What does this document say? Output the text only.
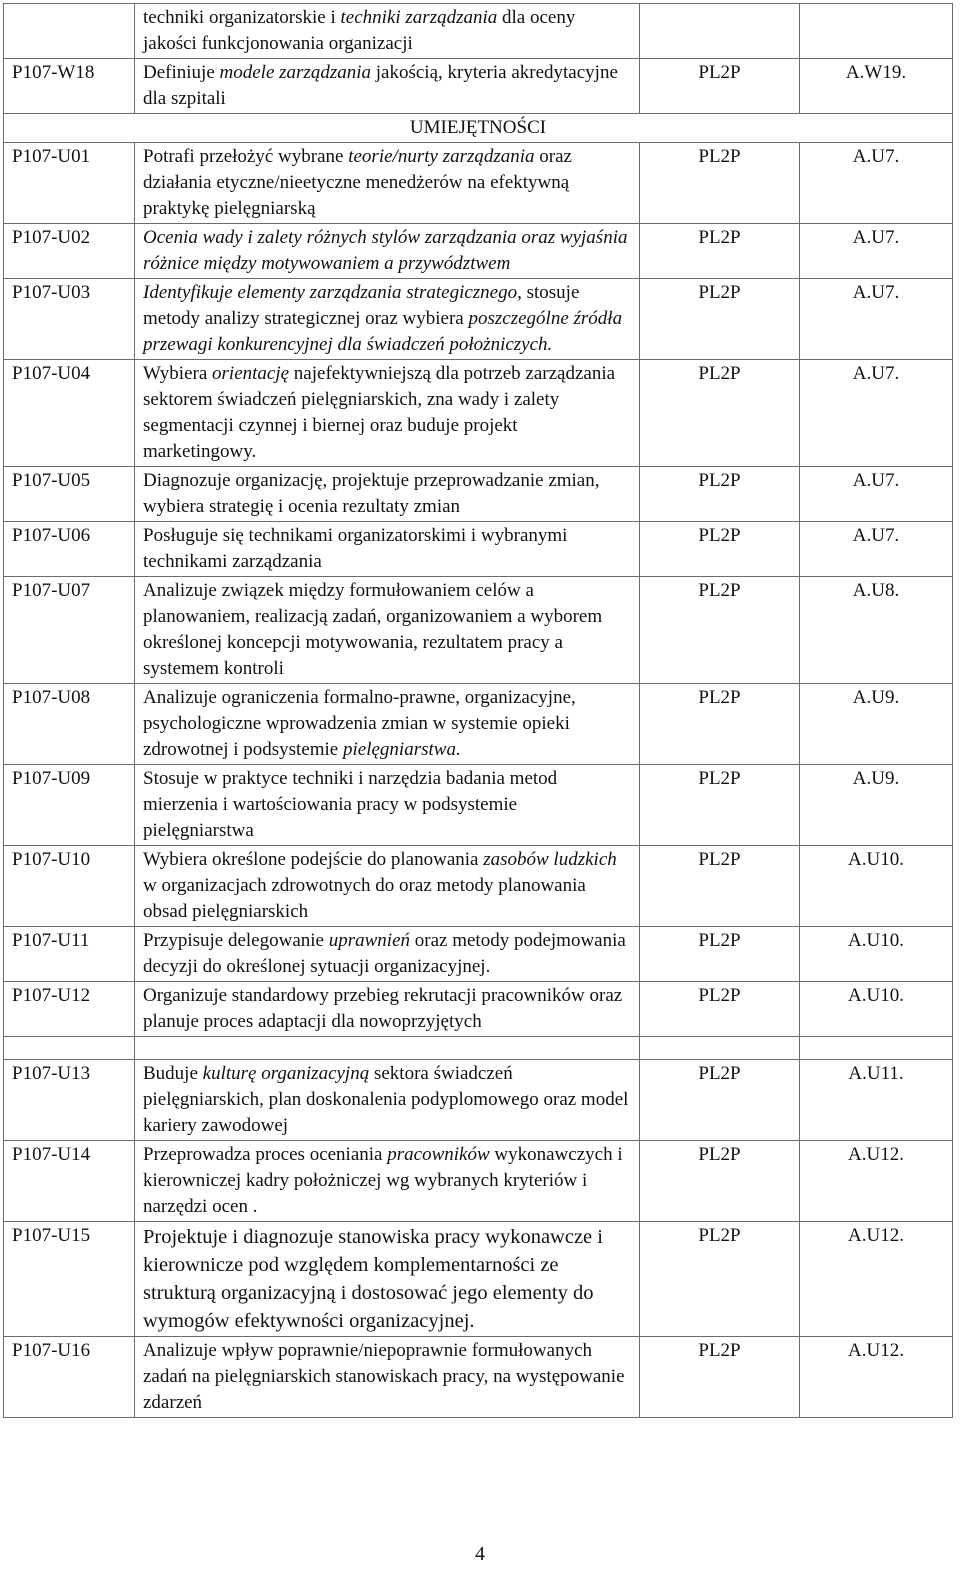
	techniki organizatorskie i techniki zarządzania dla oceny jakości funkcjonowania organizacji		
P107-W18	Definiuje modele zarządzania jakością, kryteria akredytacyjne dla szpitali	PL2P	A.W19.
UMIEJĘTNOŚCI			
P107-U01	Potrafi przełożyć wybrane teorie/nurty zarządzania oraz działania etyczne/nieetyczne menedżerów na efektywną praktykę pielęgniarską	PL2P	A.U7.
P107-U02	Ocenia wady i zalety różnych stylów zarządzania oraz wyjaśnia różnice między motywowaniem a przywództwem	PL2P	A.U7.
P107-U03	Identyfikuje elementy zarządzania strategicznego, stosuje metody analizy strategicznej oraz wybiera poszczególne źródła przewagi konkurencyjnej dla świadczeń położniczych.	PL2P	A.U7.
P107-U04	Wybiera orientację najefektywniejszą dla potrzeb zarządzania sektorem świadczeń pielęgniarskich, zna wady i zalety segmentacji czynnej i biernej oraz buduje projekt marketingowy.	PL2P	A.U7.
P107-U05	Diagnozuje organizację, projektuje przeprowadzanie zmian, wybiera strategię i ocenia rezultaty zmian	PL2P	A.U7.
P107-U06	Posługuje się technikami organizatorskimi i wybranymi technikami zarządzania	PL2P	A.U7.
P107-U07	Analizuje związek między formułowaniem celów a planowaniem, realizacją zadań, organizowaniem a wyborem określonej koncepcji motywowania, rezultatem pracy a systemem kontroli	PL2P	A.U8.
P107-U08	Analizuje ograniczenia formalno-prawne, organizacyjne, psychologiczne wprowadzenia zmian w systemie opieki zdrowotnej i podsystemie pielęgniarstwa.	PL2P	A.U9.
P107-U09	Stosuje w praktyce techniki i narzędzia badania metod mierzenia i wartościowania pracy w podsystemie pielęgniarstwa	PL2P	A.U9.
P107-U10	Wybiera określone podejście do planowania zasobów ludzkich w organizacjach zdrowotnych do oraz metody planowania obsad pielęgniarskich	PL2P	A.U10.
P107-U11	Przypisuje delegowanie uprawnień oraz metody podejmowania decyzji do określonej sytuacji organizacyjnej.	PL2P	A.U10.
P107-U12	Organizuje standardowy przebieg rekrutacji pracowników oraz planuje proces adaptacji dla nowoprzyjętych	PL2P	A.U10.

P107-U13	Buduje kulturę organizacyjną sektora świadczeń pielęgniarskich, plan doskonalenia podyplomowego oraz model kariery zawodowej	PL2P	A.U11.
P107-U14	Przeprowadza proces oceniania pracowników wykonawczych i kierowniczej kadry położniczej wg wybranych kryteriów i narzędzi ocen .	PL2P	A.U12.
P107-U15	Projektuje i diagnozuje stanowiska pracy wykonawcze i kierownicze pod względem komplementarności ze strukturą organizacyjną i dostosować jego elementy do wymogów efektywności organizacyjnej.	PL2P	A.U12.
P107-U16	Analizuje wpływ poprawnie/niepoprawnie formułowanych zadań na pielęgniarskich stanowiskach pracy, na występowanie zdarzeń	PL2P	A.U12.
4
